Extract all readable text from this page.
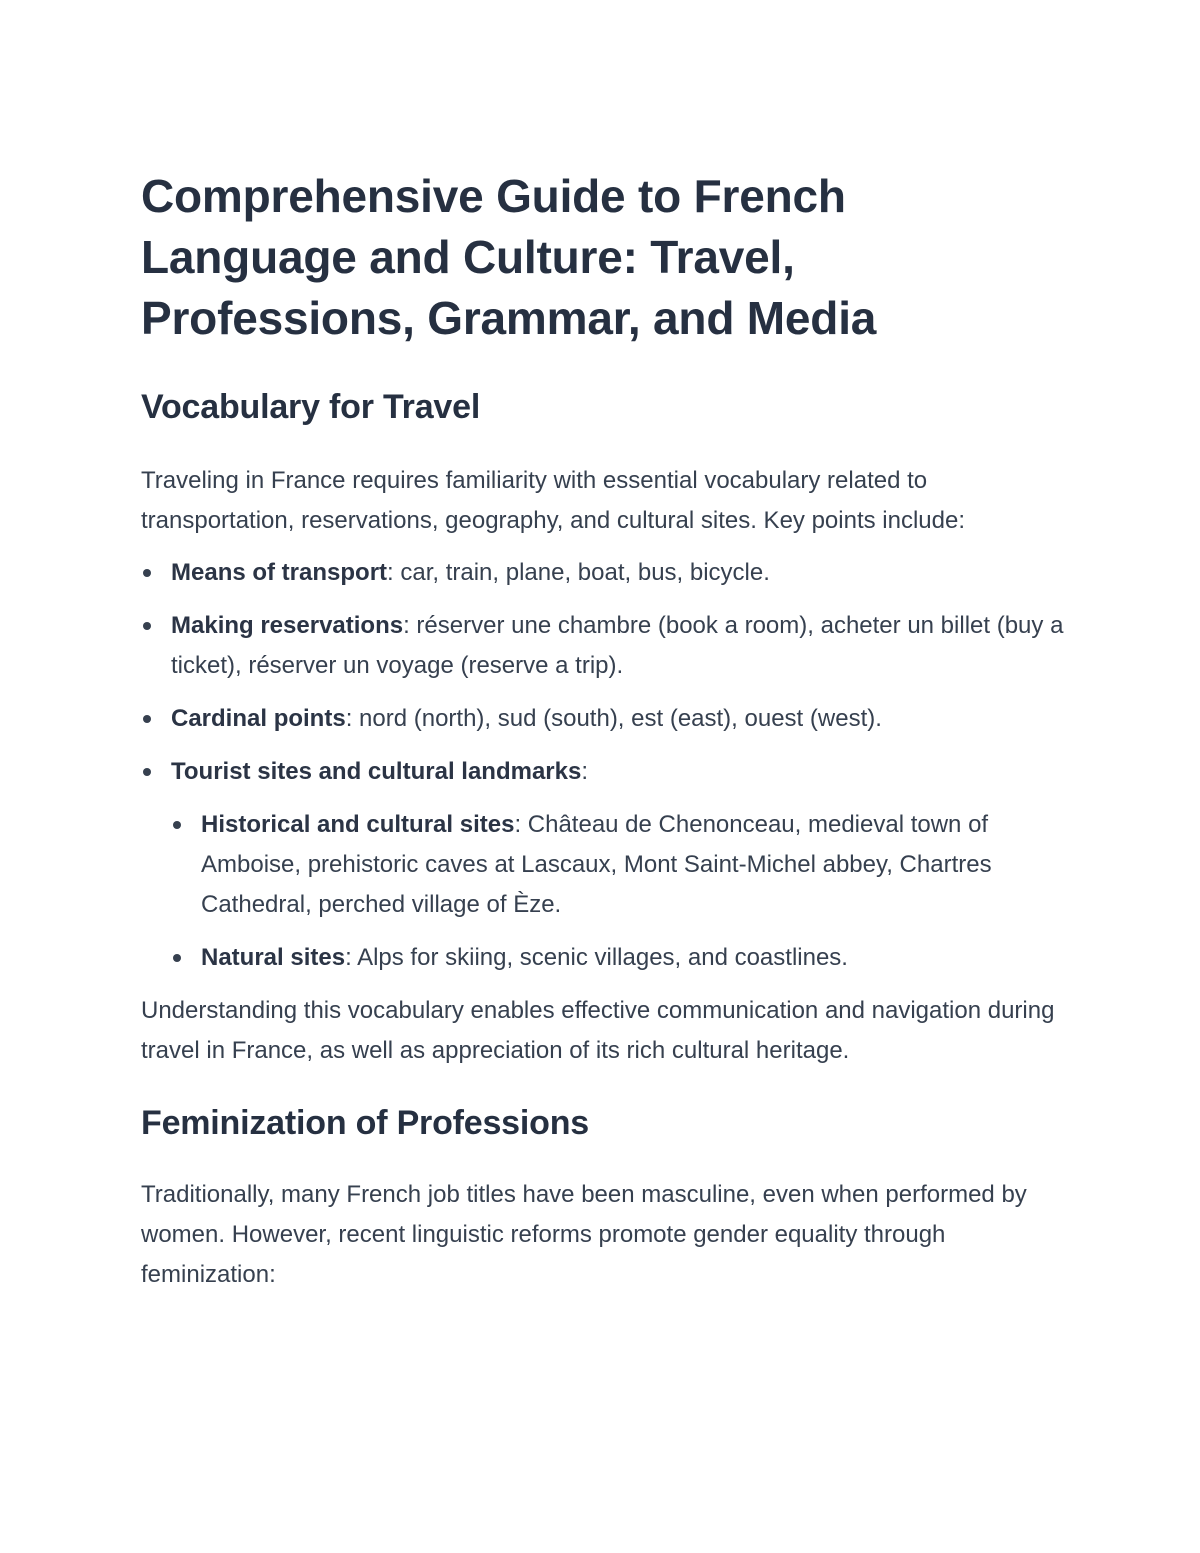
Comprehensive Guide to French Language and Culture: Travel, Professions, Grammar, and Media
Vocabulary for Travel

Traveling in France requires familiarity with essential vocabulary related to transportation, reservations, geography, and cultural sites. Key points include:

Means of transport: car, train, plane, boat, bus, bicycle.
Making reservations: réserver une chambre (book a room), acheter un billet (buy a ticket), réserver un voyage (reserve a trip).
Cardinal points: nord (north), sud (south), est (east), ouest (west).
Tourist sites and cultural landmarks:
Historical and cultural sites: Château de Chenonceau, medieval town of Amboise, prehistoric caves at Lascaux, Mont Saint-Michel abbey, Chartres Cathedral, perched village of Èze.
Natural sites: Alps for skiing, scenic villages, and coastlines.

Understanding this vocabulary enables effective communication and navigation during travel in France, as well as appreciation of its rich cultural heritage.

Feminization of Professions

Traditionally, many French job titles have been masculine, even when performed by women. However, recent linguistic reforms promote gender equality through feminization:
